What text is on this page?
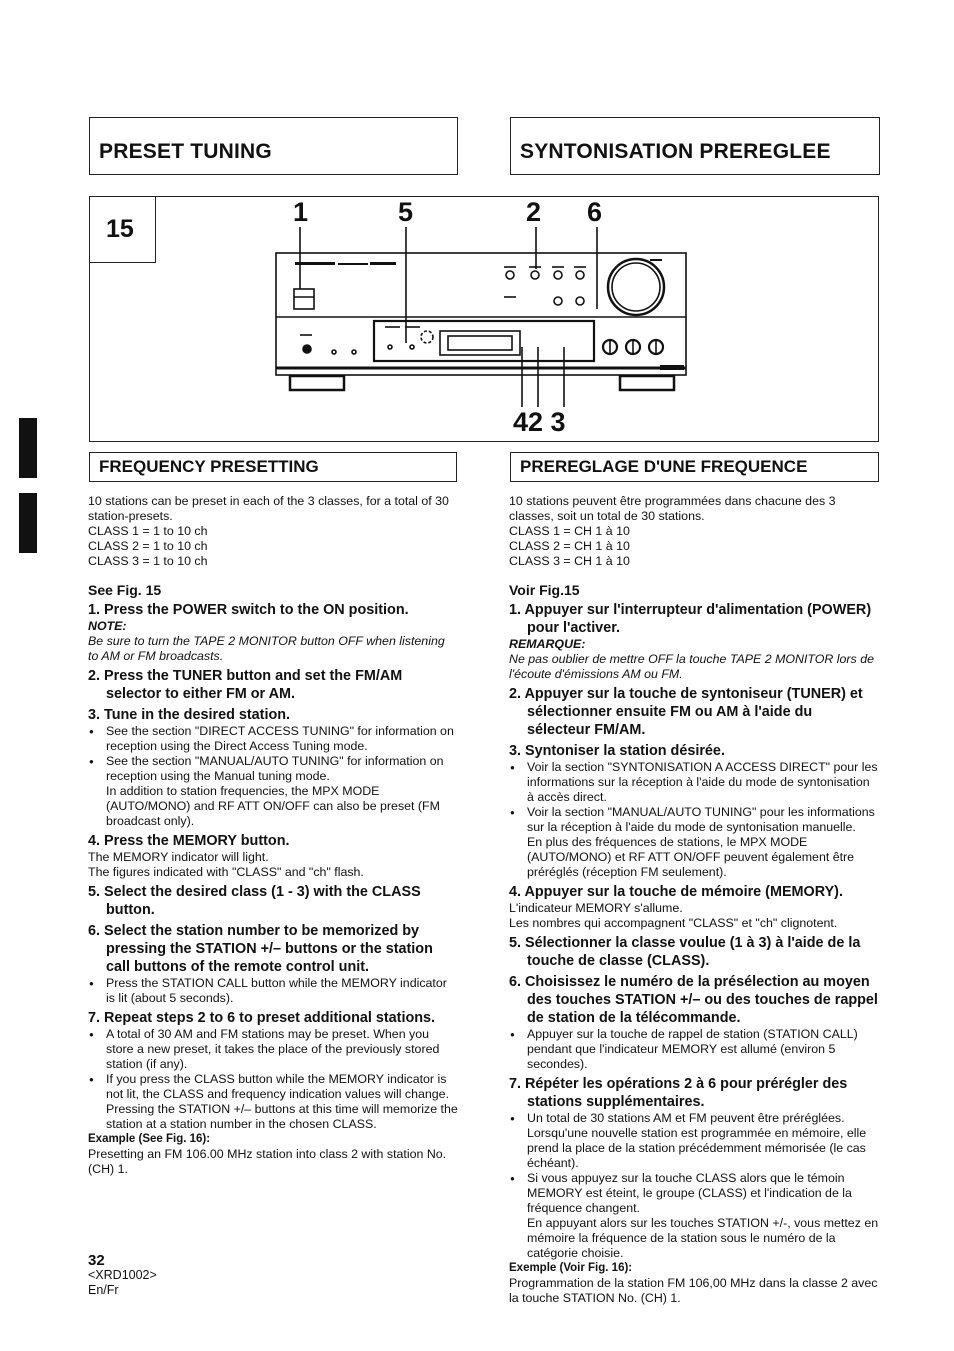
PRESET TUNING	SYNTONISATION PREREGLEE
15
1	5	2 6
42 3
FREQUENCY PRESETTING	PREREGLAGE D'UNE FREQUENCE

10 stations can be preset in each of the 3 classes, for a total of 30 station-presets.

CLASS 1 = 1 to 10 ch

CLASS 2 = 1 to 10 ch

CLASS 3 = 1 to 10 ch

See Fig. 15

1. Press the POWER switch to the ON position.

NOTE:

Be sure to turn the TAPE 2 MONITOR button OFF when listening to AM or FM broadcasts.

2. Press the TUNER button and set the FM/AM selector to either FM or AM.

3. Tune in the desired station.

● See the section "DIRECT ACCESS TUNING" for information on reception using the Direct Access Tuning mode.
● See the section "MANUAL/AUTO TUNING" for information on reception using the Manual tuning mode.

In addition to station frequencies, the MPX MODE (AUTO/MONO) and RF ATT ON/OFF can also be preset (FM broadcast only).

4. Press the MEMORY button.

The MEMORY indicator will light.

The figures indicated with "CLASS" and "ch" flash.

5. Select the desired class (1 - 3) with the CLASS button.

6. Select the station number to be memorized by pressing the STATION +/– buttons or the station call buttons of the remote control unit.

● Press the STATION CALL button while the MEMORY indicator is lit (about 5 seconds).

7. Repeat steps 2 to 6 to preset additional stations.

● A total of 30 AM and FM stations may be preset. When you store a new preset, it takes the place of the previously stored station (if any).
● If you press the CLASS button while the MEMORY indicator is not lit, the CLASS and frequency indication values will change.

Pressing the STATION +/– buttons at this time will memorize the station at a station number in the chosen CLASS.

Example (See Fig. 16):

Presetting an FM 106.00 MHz station into class 2 with station No. (CH) 1.

10 stations peuvent être programmées dans chacune des 3 classes, soit un total de 30 stations.

CLASS 1 = CH 1 à 10

CLASS 2 = CH 1 à 10

CLASS 3 = CH 1 à 10

Voir Fig.15

1. Appuyer sur l'interrupteur d'alimentation (POWER) pour l'activer.

REMARQUE:

Ne pas oublier de mettre OFF la touche TAPE 2 MONITOR lors de l'écoute d'émissions AM ou FM.

2. Appuyer sur la touche de syntoniseur (TUNER) et sélectionner ensuite FM ou AM à l'aide du sélecteur FM/AM.

3. Syntoniser la station désirée.

● Voir la section "SYNTONISATION A ACCESS DIRECT" pour les informations sur la réception à l'aide du mode de syntonisation à accès direct.
● Voir la section "MANUAL/AUTO TUNING" pour les informations sur la réception à l'aide du mode de syntonisation manuelle.

En plus des fréquences de stations, le MPX MODE (AUTO/MONO) et RF ATT ON/OFF peuvent également être préréglés (réception FM seulement).

4. Appuyer sur la touche de mémoire (MEMORY).

L'indicateur MEMORY s'allume.

Les nombres qui accompagnent "CLASS" et "ch" clignotent.

5. Sélectionner la classe voulue (1 à 3) à l'aide de la touche de classe (CLASS).

6. Choisissez le numéro de la présélection au moyen des touches STATION +/– ou des touches de rappel de station de la télécommande.

● Appuyer sur la touche de rappel de station (STATION CALL) pendant que l'indicateur MEMORY est allumé (environ 5 secondes).

7. Répéter les opérations 2 à 6 pour prérégler des stations supplémentaires.

● Un total de 30 stations AM et FM peuvent être préréglées. Lorsqu'une nouvelle station est programmée en mémoire, elle prend la place de la station précédemment mémorisée (le cas échéant).
● Si vous appuyez sur la touche CLASS alors que le témoin MEMORY est éteint, le groupe (CLASS) et l'indication de la fréquence changent.

En appuyant alors sur les touches STATION +/-, vous mettez en mémoire la fréquence de la station sous le numéro de la catégorie choisie.

Exemple (Voir Fig. 16):

Programmation de la station FM 106,00 MHz dans la classe 2 avec la touche STATION No. (CH) 1.

32
<XRD1002>
En/Fr
